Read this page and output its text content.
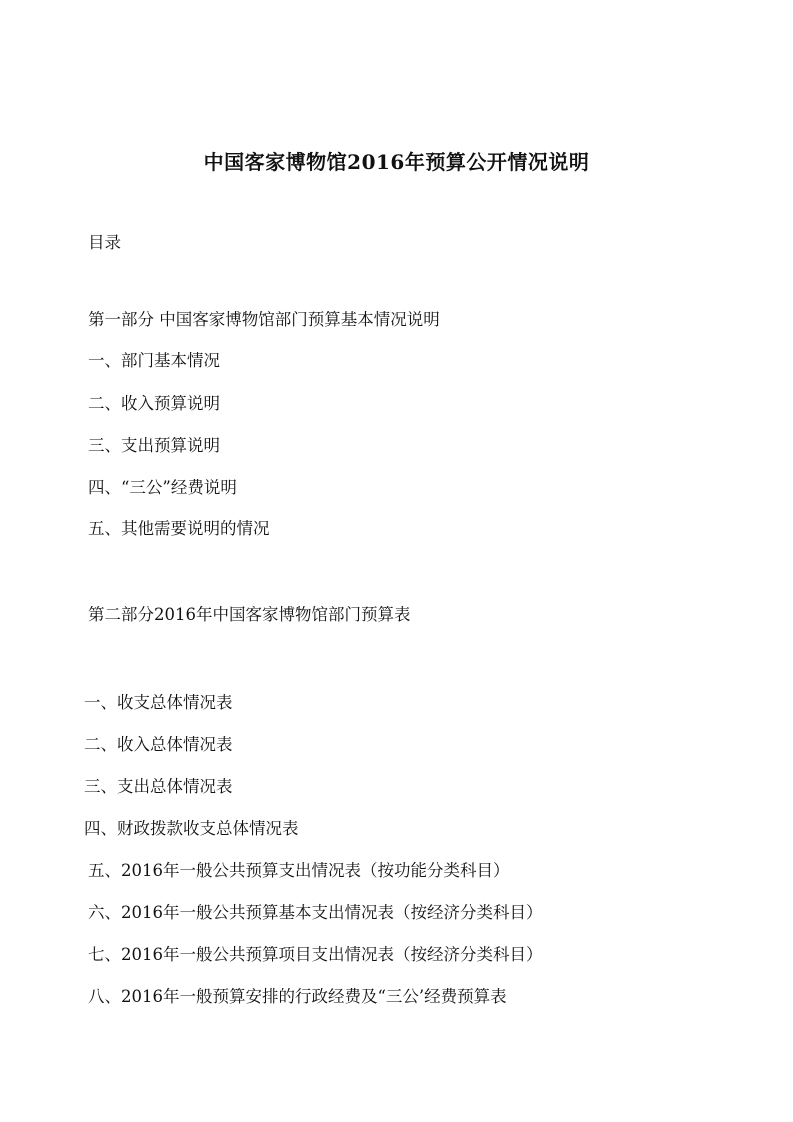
中国客家博物馆2016年预算公开情况说明
目录
第一部分 中国客家博物馆部门预算基本情况说明
一、部门基本情况
二、收入预算说明
三、支出预算说明
四、“三公”经费说明
五、其他需要说明的情况
第二部分2016年中国客家博物馆部门预算表
一、收支总体情况表
二、收入总体情况表
三、支出总体情况表
四、财政拨款收支总体情况表
五、2016年一般公共预算支出情况表（按功能分类科目）
六、2016年一般公共预算基本支出情况表（按经济分类科目）
七、2016年一般公共预算项目支出情况表（按经济分类科目）
八、2016年一般预算安排的行政经费及“三公’经费预算表
